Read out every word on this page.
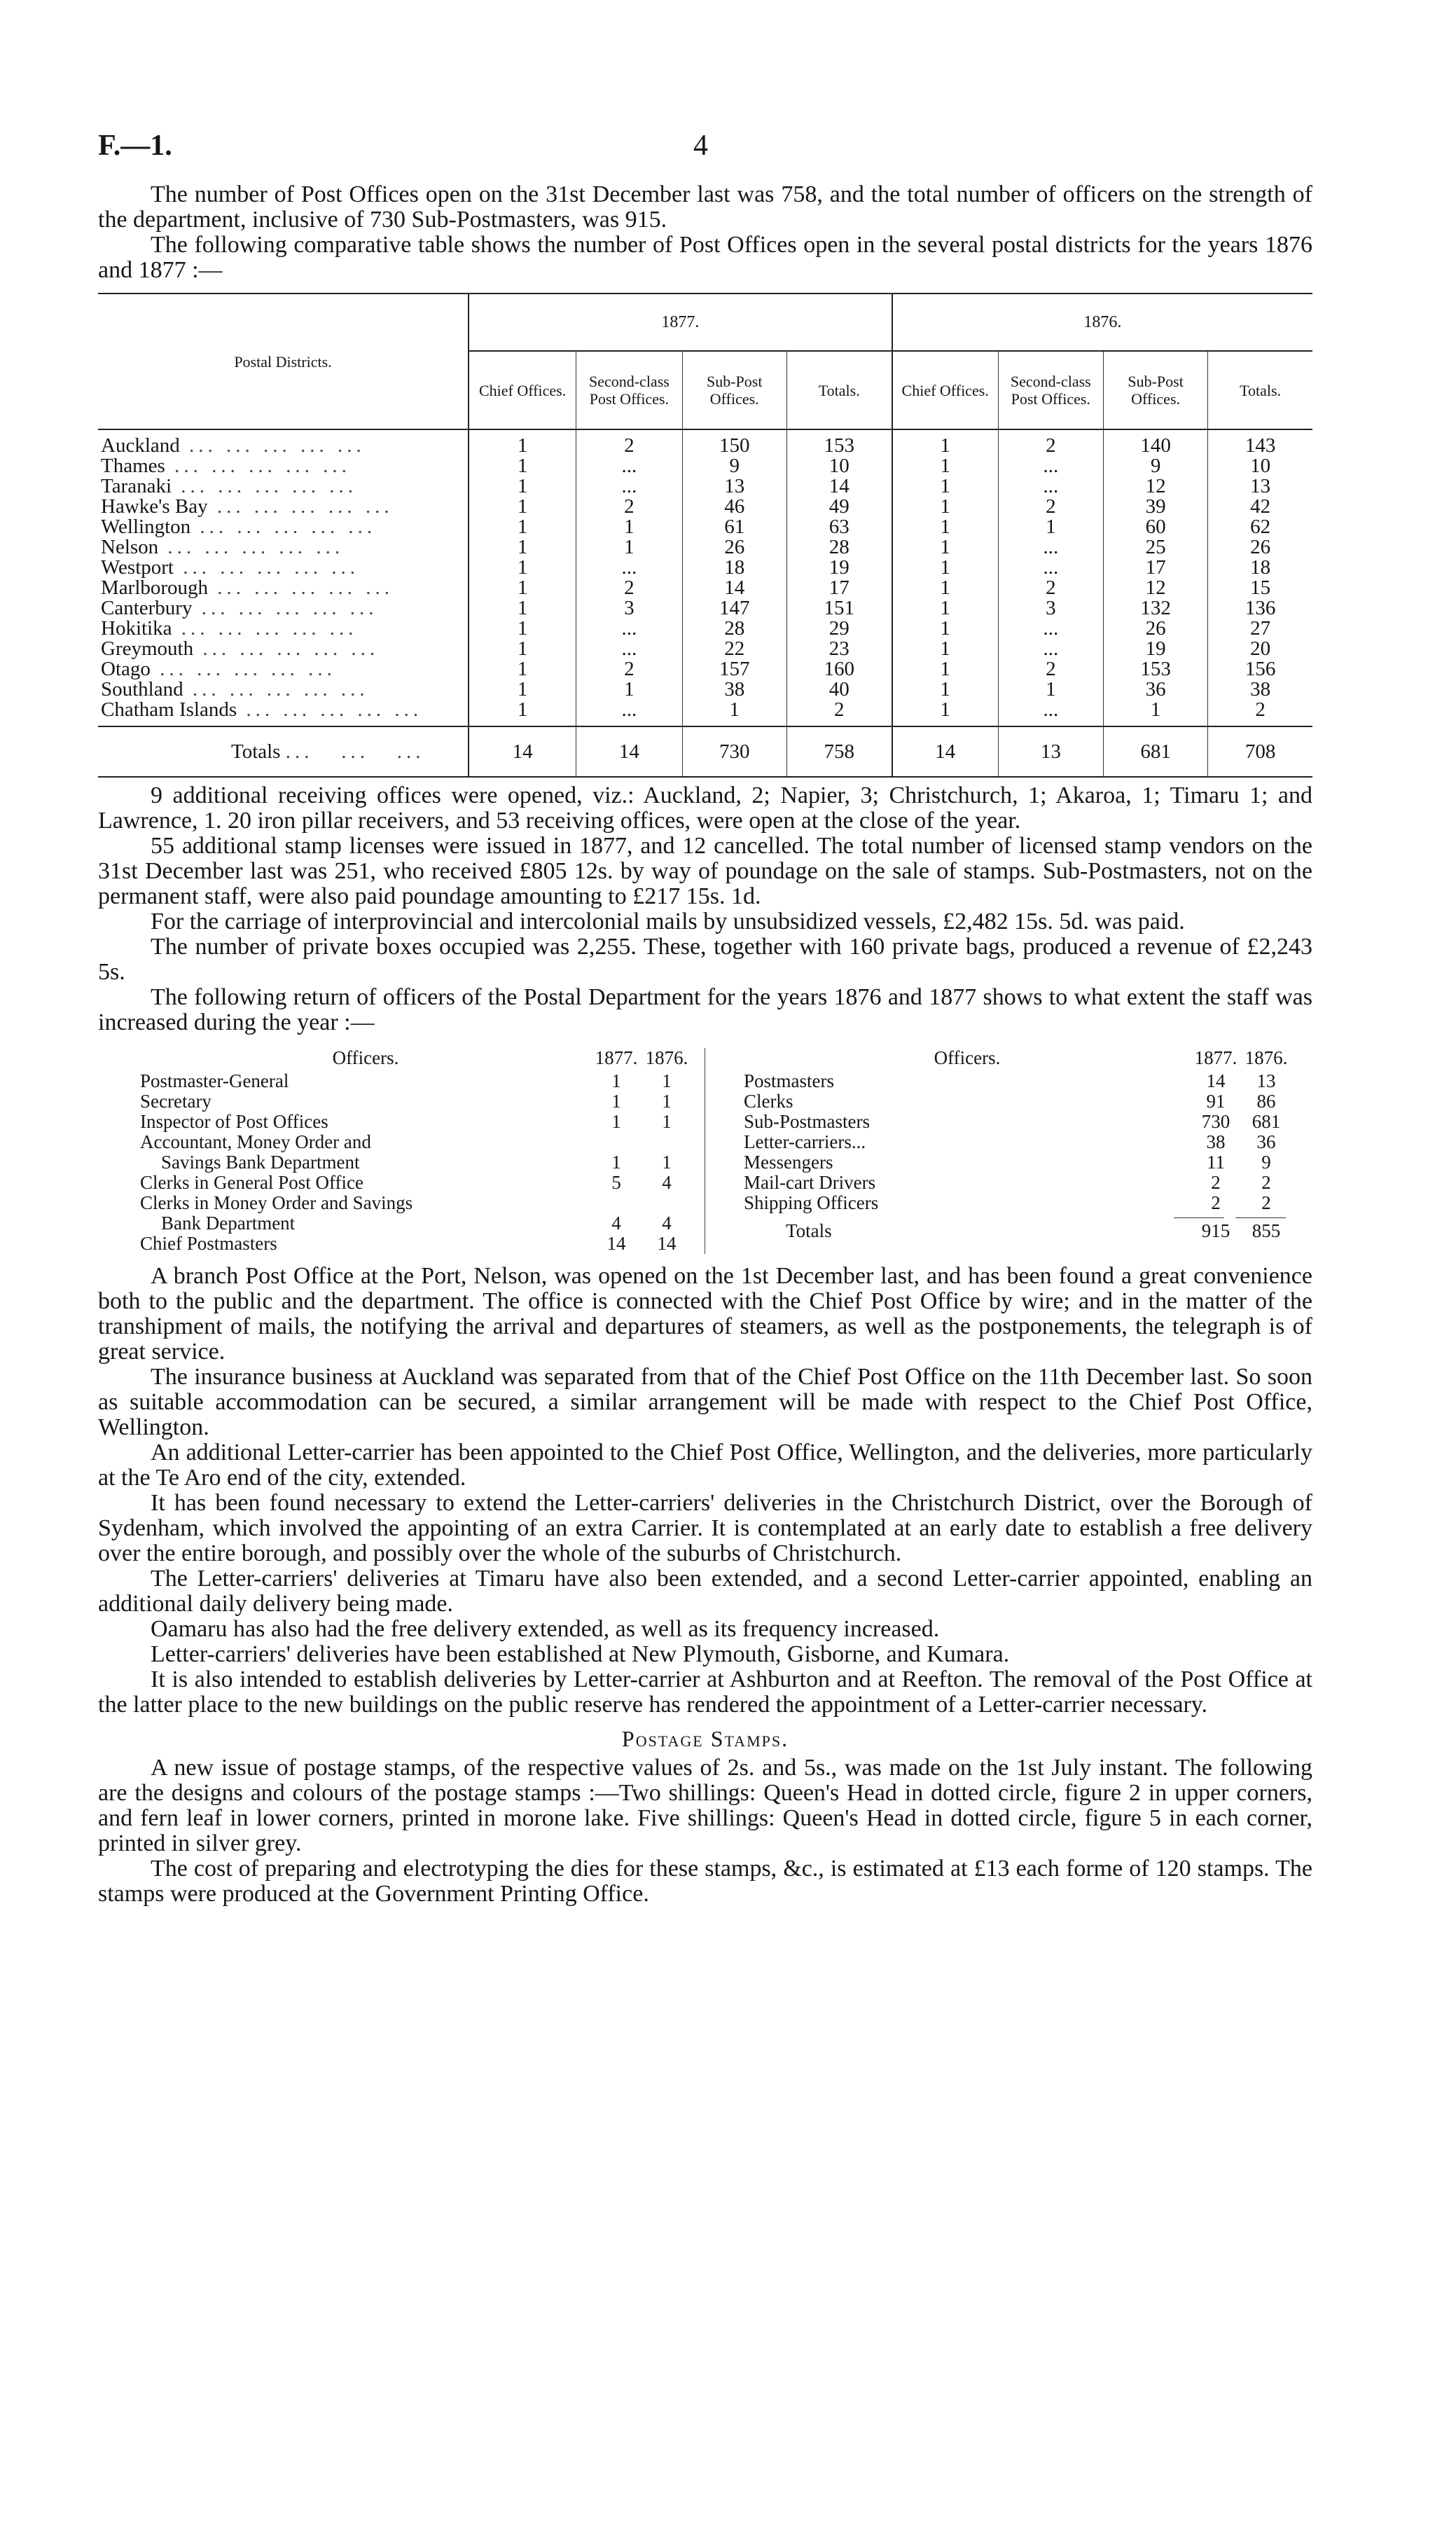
F.—1.	4

The number of Post Offices open on the 31st December last was 758, and the total number of officers on the strength of the department, inclusive of 730 Sub-Postmasters, was 915.

The following comparative table shows the number of Post Offices open in the several postal districts for the years 1876 and 1877 :—

Postal Districts.	1877.				1876.			
	Chief Offices.	Second-class Post Offices.	Sub-Post Offices.	Totals.	Chief Offices.	Second-class Post Offices.	Sub-Post Offices.	Totals.

Auckland ... ... ... ... ...	1	2	150	153	1	2	140	143
Thames ... ... ... ... ...	1	...	9	10	1	...	9	10
Taranaki ... ... ... ... ...	1	...	13	14	1	...	12	13
Hawke's Bay ... ... ... ... ...	1	2	46	49	1	2	39	42
Wellington ... ... ... ... ...	1	1	61	63	1	1	60	62
Nelson ... ... ... ... ...	1	1	26	28	1	...	25	26
Westport ... ... ... ... ...	1	...	18	19	1	...	17	18
Marlborough ... ... ... ... ...	1	2	14	17	1	2	12	15
Canterbury ... ... ... ... ...	1	3	147	151	1	3	132	136
Hokitika ... ... ... ... ...	1	...	28	29	1	...	26	27
Greymouth ... ... ... ... ...	1	...	22	23	1	...	19	20
Otago ... ... ... ... ...	1	2	157	160	1	2	153	156
Southland ... ... ... ... ...	1	1	38	40	1	1	36	38
Chatham Islands ... ... ... ... ...	1	...	1	2	1	...	1	2

Totals ...   ...   ...	14	14	730	758	14	13	681	708

9 additional receiving offices were opened, viz.: Auckland, 2; Napier, 3; Christchurch, 1; Akaroa, 1; Timaru 1; and Lawrence, 1. 20 iron pillar receivers, and 53 receiving offices, were open at the close of the year.

55 additional stamp licenses were issued in 1877, and 12 cancelled. The total number of licensed stamp vendors on the 31st December last was 251, who received £805 12s. by way of poundage on the sale of stamps. Sub-Postmasters, not on the permanent staff, were also paid poundage amounting to £217 15s. 1d.

For the carriage of interprovincial and intercolonial mails by unsubsidized vessels, £2,482 15s. 5d. was paid.

The number of private boxes occupied was 2,255. These, together with 160 private bags, produced a revenue of £2,243 5s.

The following return of officers of the Postal Department for the years 1876 and 1877 shows to what extent the staff was increased during the year :—

Officers.	1877. 1876.
Postmaster-General	1	1
Secretary	1	1
Inspector of Post Offices	1	1
Accountant, Money Order and
Savings Bank Department	1	1
Clerks in General Post Office	5	4
Clerks in Money Order and Savings
Bank Department	4	4
Chief Postmasters	14	14
Officers.	1877. 1876.
Postmasters	14	13
Clerks	91	86
Sub-Postmasters	730	681
Letter-carriers...	38	36
Messengers	11	9
Mail-cart Drivers	2	2
Shipping Officers	2	2
Totals	915	855

A branch Post Office at the Port, Nelson, was opened on the 1st December last, and has been found a great convenience both to the public and the department. The office is connected with the Chief Post Office by wire; and in the matter of the transhipment of mails, the notifying the arrival and departures of steamers, as well as the postponements, the telegraph is of great service.

The insurance business at Auckland was separated from that of the Chief Post Office on the 11th December last. So soon as suitable accommodation can be secured, a similar arrangement will be made with respect to the Chief Post Office, Wellington.

An additional Letter-carrier has been appointed to the Chief Post Office, Wellington, and the deliveries, more particularly at the Te Aro end of the city, extended.

It has been found necessary to extend the Letter-carriers' deliveries in the Christchurch District, over the Borough of Sydenham, which involved the appointing of an extra Carrier. It is contemplated at an early date to establish a free delivery over the entire borough, and possibly over the whole of the suburbs of Christchurch.

The Letter-carriers' deliveries at Timaru have also been extended, and a second Letter-carrier appointed, enabling an additional daily delivery being made.

Oamaru has also had the free delivery extended, as well as its frequency increased.

Letter-carriers' deliveries have been established at New Plymouth, Gisborne, and Kumara.

It is also intended to establish deliveries by Letter-carrier at Ashburton and at Reefton. The removal of the Post Office at the latter place to the new buildings on the public reserve has rendered the appointment of a Letter-carrier necessary.

Postage Stamps.

A new issue of postage stamps, of the respective values of 2s. and 5s., was made on the 1st July instant. The following are the designs and colours of the postage stamps :—Two shillings: Queen's Head in dotted circle, figure 2 in upper corners, and fern leaf in lower corners, printed in morone lake. Five shillings: Queen's Head in dotted circle, figure 5 in each corner, printed in silver grey.

The cost of preparing and electrotyping the dies for these stamps, &c., is estimated at £13 each forme of 120 stamps. The stamps were produced at the Government Printing Office.
